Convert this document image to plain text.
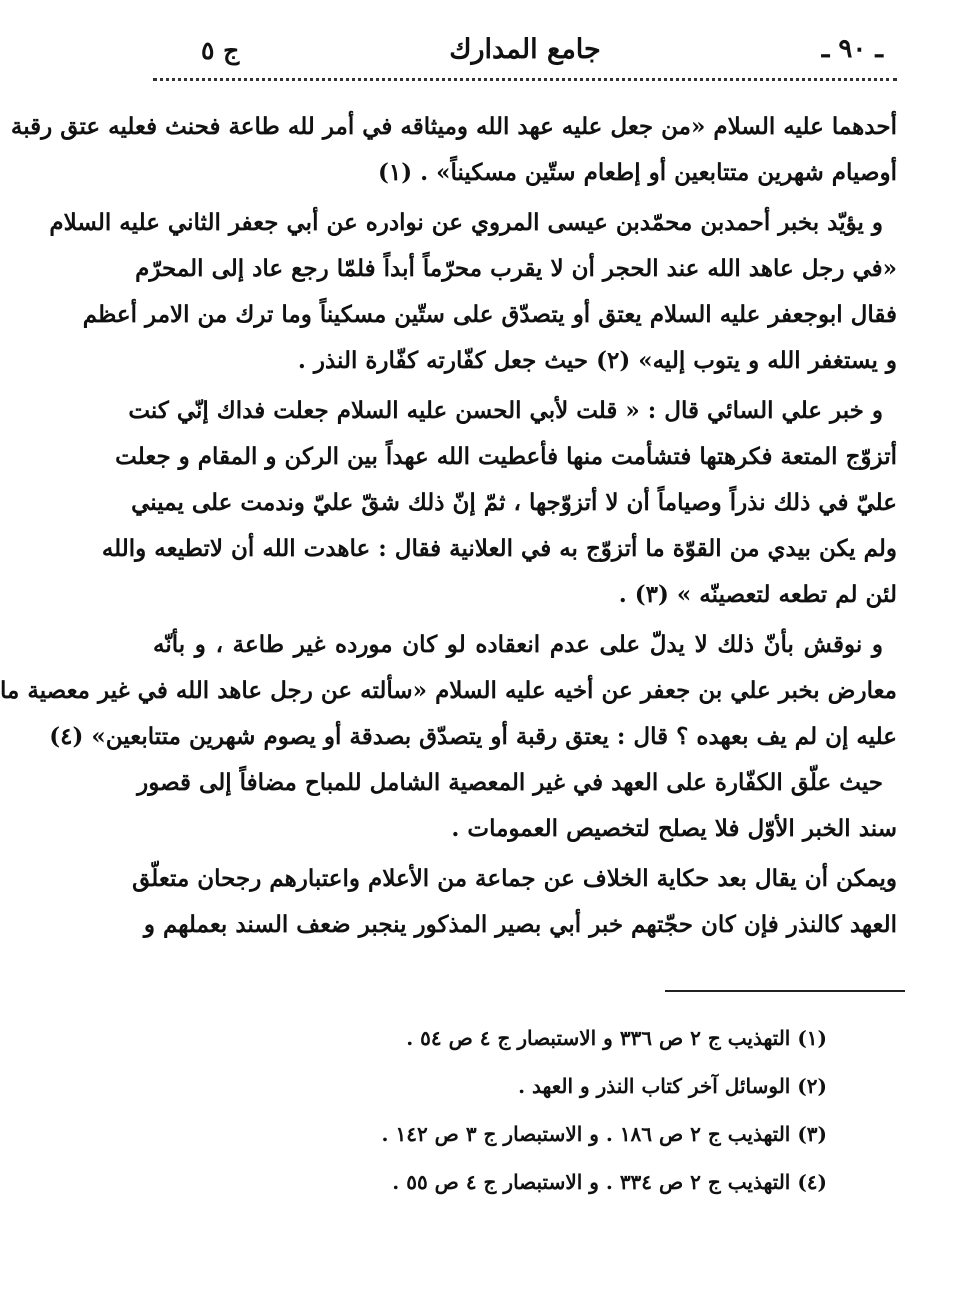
ج ٥	جامع المدارك	ـ ٩٠ ـ
أحدهما عليه السلام «من جعل عليه عهد الله وميثاقه في أمر لله طاعة فحنث فعليه عتق رقبة
أوصيام شهرين متتابعين أو إطعام ستّين مسكيناً» . (١)
و يؤيّد بخبر أحمدبن محمّدبن عيسى المروي عن نوادره عن أبي جعفر الثاني عليه السلام
«في رجل عاهد الله عند الحجر أن لا يقرب محرّماً أبداً فلمّا رجع عاد إلى المحرّم
فقال ابوجعفر عليه السلام يعتق أو يتصدّق على ستّين مسكيناً وما ترك من الامر أعظم
و يستغفر الله و يتوب إليه» (٢) حيث جعل كفّارته كفّارة النذر .
و خبر علي السائي قال : « قلت لأبي الحسن عليه السلام جعلت فداك إنّي كنت
أتزوّج المتعة فكرهتها فتشأمت منها فأعطيت الله عهداً بين الركن و المقام و جعلت
عليّ في ذلك نذراً وصياماً أن لا أتزوّجها ، ثمّ إنّ ذلك شقّ عليّ وندمت على يميني
ولم يكن بيدي من القوّة ما أتزوّج به في العلانية فقال : عاهدت الله أن لاتطيعه والله
لئن لم تطعه لتعصينّه » (٣) .
و نوقش بأنّ ذلك لا يدلّ على عدم انعقاده لو كان مورده غير طاعة ، و بأنّه
معارض بخبر علي بن جعفر عن أخيه عليه السلام «سألته عن رجل عاهد الله في غير معصية ما
عليه إن لم يف بعهده ؟ قال : يعتق رقبة أو يتصدّق بصدقة أو يصوم شهرين متتابعين» (٤)
حيث علّق الكفّارة على العهد في غير المعصية الشامل للمباح مضافاً إلى قصور
سند الخبر الأوّل فلا يصلح لتخصيص العمومات .
ويمكن أن يقال بعد حكاية الخلاف عن جماعة من الأعلام واعتبارهم رجحان متعلّق
العهد كالنذر فإن كان حجّتهم خبر أبي بصير المذكور ينجبر ضعف السند بعملهم و
(١) التهذيب ج ٢ ص ٣٣٦ و الاستبصار ج ٤ ص ٥٤ .
(٢) الوسائل آخر كتاب النذر و العهد .
(٣) التهذيب ج ٢ ص ١٨٦ . و الاستبصار ج ٣ ص ١٤٢ .
(٤) التهذيب ج ٢ ص ٣٣٤ . و الاستبصار ج ٤ ص ٥٥ .
